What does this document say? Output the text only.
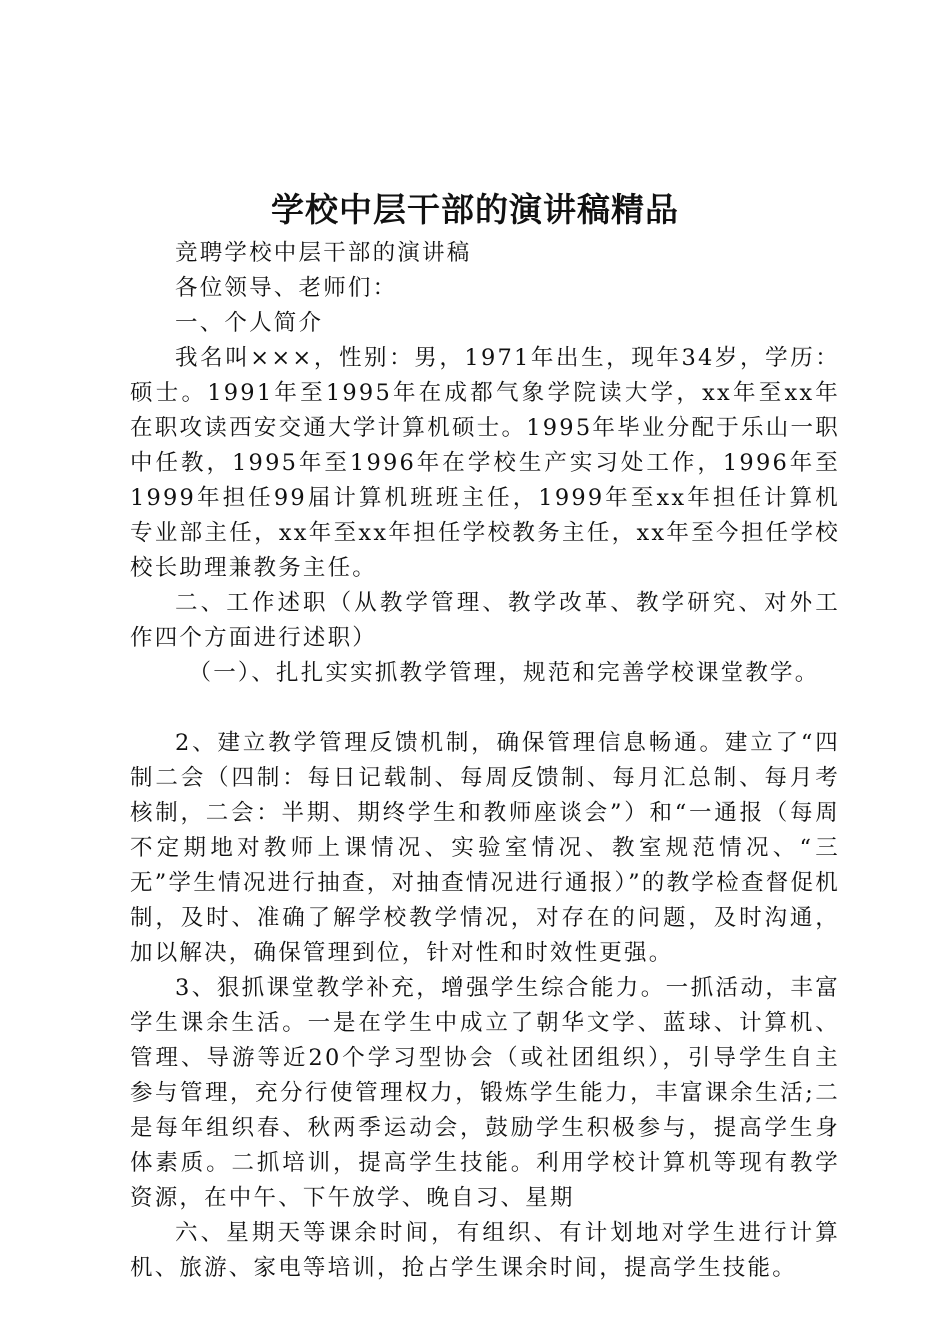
学校中层干部的演讲稿精品

竞聘学校中层干部的演讲稿

各位领导、老师们：

一、个人简介

我名叫×××，性别：男，1971年出生，现年34岁，学历：硕士。1991年至1995年在成都气象学院读大学，xx年至xx年在职攻读西安交通大学计算机硕士。1995年毕业分配于乐山一职中任教，1995年至1996年在学校生产实习处工作，1996年至1999年担任99届计算机班班主任，1999年至xx年担任计算机专业部主任，xx年至xx年担任学校教务主任，xx年至今担任学校校长助理兼教务主任。

二、工作述职（从教学管理、教学改革、教学研究、对外工作四个方面进行述职）

（一）、扎扎实实抓教学管理，规范和完善学校课堂教学。

2、建立教学管理反馈机制，确保管理信息畅通。建立了“四制二会（四制：每日记载制、每周反馈制、每月汇总制、每月考核制，二会：半期、期终学生和教师座谈会”）和“一通报（每周不定期地对教师上课情况、实验室情况、教室规范情况、“三无”学生情况进行抽查，对抽查情况进行通报）”的教学检查督促机制，及时、准确了解学校教学情况，对存在的问题，及时沟通，加以解决，确保管理到位，针对性和时效性更强。

3、狠抓课堂教学补充，增强学生综合能力。一抓活动，丰富学生课余生活。一是在学生中成立了朝华文学、蓝球、计算机、管理、导游等近20个学习型协会（或社团组织），引导学生自主参与管理，充分行使管理权力，锻炼学生能力，丰富课余生活;二是每年组织春、秋两季运动会，鼓励学生积极参与，提高学生身体素质。二抓培训，提高学生技能。利用学校计算机等现有教学资源，在中午、下午放学、晚自习、星期

六、星期天等课余时间，有组织、有计划地对学生进行计算机、旅游、家电等培训，抢占学生课余时间，提高学生技能。
